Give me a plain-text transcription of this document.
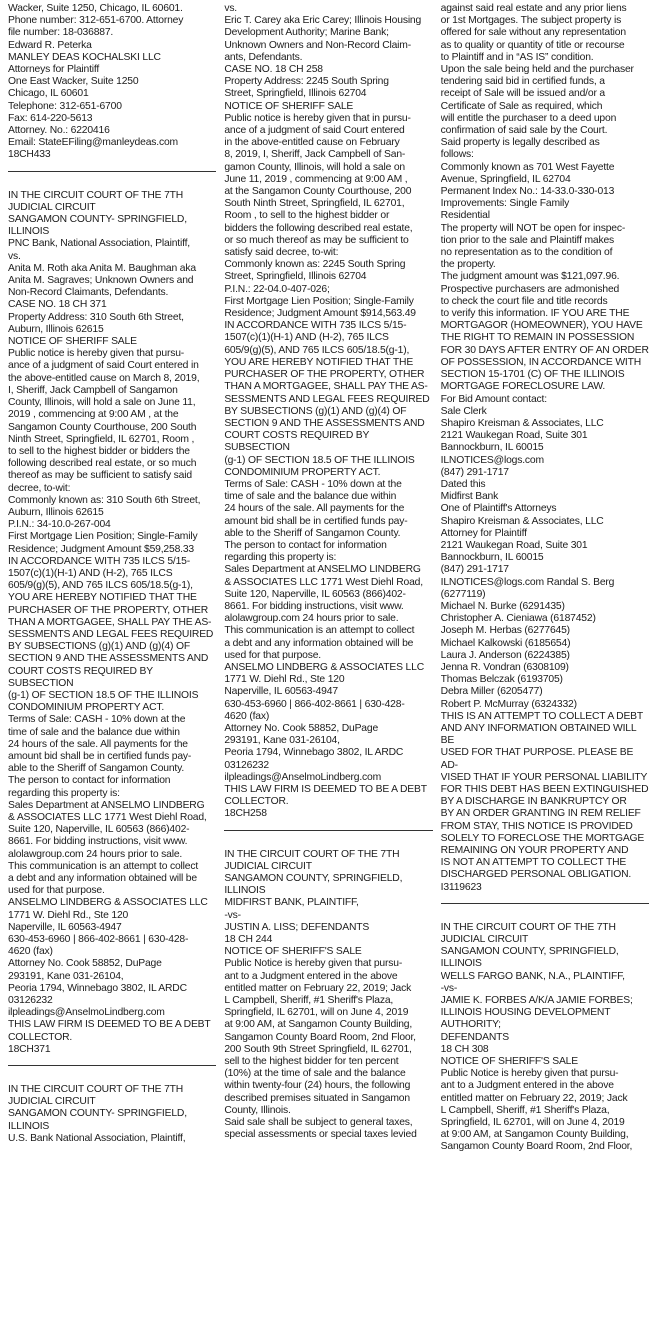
Wacker, Suite 1250, Chicago, IL 60601.
Phone number: 312-651-6700. Attorney
file number: 18-036887.
Edward R. Peterka
MANLEY DEAS KOCHALSKI LLC
Attorneys for Plaintiff
One East Wacker, Suite 1250
Chicago, IL 60601
Telephone: 312-651-6700
Fax: 614-220-5613
Attorney. No.: 6220416
Email: StateEFiling@manleydeas.com
18CH433

IN THE CIRCUIT COURT OF THE 7TH
JUDICIAL CIRCUIT
SANGAMON COUNTY- SPRINGFIELD,
ILLINOIS
PNC Bank, National Association, Plaintiff,
vs.
Anita M. Roth aka Anita M. Baughman aka
Anita M. Sagraves; Unknown Owners and
Non-Record Claimants, Defendants.
CASE NO. 18 CH 371
Property Address: 310 South 6th Street,
Auburn, Illinois 62615
NOTICE OF SHERIFF SALE
Public notice is hereby given that pursu-
ance of a judgment of said Court entered in
the above-entitled cause on March 8, 2019,
I, Sheriff, Jack Campbell of Sangamon
County, Illinois, will hold a sale on June 11,
2019 , commencing at 9:00 AM , at the
Sangamon County Courthouse, 200 South
Ninth Street, Springfield, IL 62701, Room ,
to sell to the highest bidder or bidders the
following described real estate, or so much
thereof as may be sufficient to satisfy said
decree, to-wit:
Commonly known as: 310 South 6th Street,
Auburn, Illinois 62615
P.I.N.: 34-10.0-267-004
First Mortgage Lien Position; Single-Family
Residence; Judgment Amount $59,258.33
IN ACCORDANCE WITH 735 ILCS 5/15-
1507(c)(1)(H-1) AND (H-2), 765 ILCS
605/9(g)(5), AND 765 ILCS 605/18.5(g-1),
YOU ARE HEREBY NOTIFIED THAT THE
PURCHASER OF THE PROPERTY, OTHER
THAN A MORTGAGEE, SHALL PAY THE AS-
SESSMENTS AND LEGAL FEES REQUIRED
BY SUBSECTIONS (g)(1) AND (g)(4) OF
SECTION 9 AND THE ASSESSMENTS AND
COURT COSTS REQUIRED BY SUBSECTION
(g-1) OF SECTION 18.5 OF THE ILLINOIS
CONDOMINIUM PROPERTY ACT.
Terms of Sale: CASH - 10% down at the
time of sale and the balance due within
24 hours of the sale. All payments for the
amount bid shall be in certified funds pay-
able to the Sheriff of Sangamon County.
The person to contact for information
regarding this property is:
Sales Department at ANSELMO LINDBERG
& ASSOCIATES LLC 1771 West Diehl Road,
Suite 120, Naperville, IL 60563 (866)402-
8661. For bidding instructions, visit www.
alolawgroup.com 24 hours prior to sale.
This communication is an attempt to collect
a debt and any information obtained will be
used for that purpose.
ANSELMO LINDBERG & ASSOCIATES LLC
1771 W. Diehl Rd., Ste 120
Naperville, IL 60563-4947
630-453-6960 | 866-402-8661 | 630-428-
4620 (fax)
Attorney No. Cook 58852, DuPage
293191, Kane 031-26104,
Peoria 1794, Winnebago 3802, IL ARDC
03126232
ilpleadings@AnselmoLindberg.com
THIS LAW FIRM IS DEEMED TO BE A DEBT
COLLECTOR.
18CH371

IN THE CIRCUIT COURT OF THE 7TH
JUDICIAL CIRCUIT
SANGAMON COUNTY- SPRINGFIELD,
ILLINOIS
U.S. Bank National Association, Plaintiff,

vs.
Eric T. Carey aka Eric Carey; Illinois Housing
Development Authority; Marine Bank;
Unknown Owners and Non-Record Claim-
ants, Defendants.
CASE NO. 18 CH 258
Property Address: 2245 South Spring
Street, Springfield, Illinois 62704
NOTICE OF SHERIFF SALE
Public notice is hereby given that in pursu-
ance of a judgment of said Court entered
in the above-entitled cause on February
8, 2019, I, Sheriff, Jack Campbell of San-
gamon County, Illinois, will hold a sale on
June 11, 2019 , commencing at 9:00 AM ,
at the Sangamon County Courthouse, 200
South Ninth Street, Springfield, IL 62701,
Room , to sell to the highest bidder or
bidders the following described real estate,
or so much thereof as may be sufficient to
satisfy said decree, to-wit:
Commonly known as: 2245 South Spring
Street, Springfield, Illinois 62704
P.I.N.: 22-04.0-407-026;
First Mortgage Lien Position; Single-Family
Residence; Judgment Amount $914,563.49
IN ACCORDANCE WITH 735 ILCS 5/15-
1507(c)(1)(H-1) AND (H-2), 765 ILCS
605/9(g)(5), AND 765 ILCS 605/18.5(g-1),
YOU ARE HEREBY NOTIFIED THAT THE
PURCHASER OF THE PROPERTY, OTHER
THAN A MORTGAGEE, SHALL PAY THE AS-
SESSMENTS AND LEGAL FEES REQUIRED
BY SUBSECTIONS (g)(1) AND (g)(4) OF
SECTION 9 AND THE ASSESSMENTS AND
COURT COSTS REQUIRED BY SUBSECTION
(g-1) OF SECTION 18.5 OF THE ILLINOIS
CONDOMINIUM PROPERTY ACT.
Terms of Sale: CASH - 10% down at the
time of sale and the balance due within
24 hours of the sale. All payments for the
amount bid shall be in certified funds pay-
able to the Sheriff of Sangamon County.
The person to contact for information
regarding this property is:
Sales Department at ANSELMO LINDBERG
& ASSOCIATES LLC 1771 West Diehl Road,
Suite 120, Naperville, IL 60563 (866)402-
8661. For bidding instructions, visit www.
alolawgroup.com 24 hours prior to sale.
This communication is an attempt to collect
a debt and any information obtained will be
used for that purpose.
ANSELMO LINDBERG & ASSOCIATES LLC
1771 W. Diehl Rd., Ste 120
Naperville, IL 60563-4947
630-453-6960 | 866-402-8661 | 630-428-
4620 (fax)
Attorney No. Cook 58852, DuPage
293191, Kane 031-26104,
Peoria 1794, Winnebago 3802, IL ARDC
03126232
ilpleadings@AnselmoLindberg.com
THIS LAW FIRM IS DEEMED TO BE A DEBT
COLLECTOR.
18CH258

IN THE CIRCUIT COURT OF THE 7TH
JUDICIAL CIRCUIT
SANGAMON COUNTY, SPRINGFIELD,
ILLINOIS
MIDFIRST BANK, PLAINTIFF,
-vs-
JUSTIN A. LISS; DEFENDANTS
18 CH 244
NOTICE OF SHERIFF'S SALE
Public Notice is hereby given that pursu-
ant to a Judgment entered in the above
entitled matter on February 22, 2019; Jack
L Campbell, Sheriff, #1 Sheriff's Plaza,
Springfield, IL 62701, will on June 4, 2019
at 9:00 AM, at Sangamon County Building,
Sangamon County Board Room, 2nd Floor,
200 South 9th Street Springfield, IL 62701,
sell to the highest bidder for ten percent
(10%) at the time of sale and the balance
within twenty-four (24) hours, the following
described premises situated in Sangamon
County, Illinois.
Said sale shall be subject to general taxes,
special assessments or special taxes levied

against said real estate and any prior liens
or 1st Mortgages. The subject property is
offered for sale without any representation
as to quality or quantity of title or recourse
to Plaintiff and in “AS IS” condition.
Upon the sale being held and the purchaser
tendering said bid in certified funds, a
receipt of Sale will be issued and/or a
Certificate of Sale as required, which
will entitle the purchaser to a deed upon
confirmation of said sale by the Court.
Said property is legally described as
follows:
Commonly known as 701 West Fayette
Avenue, Springfield, IL 62704
Permanent Index No.: 14-33.0-330-013
Improvements: Single Family
Residential
The property will NOT be open for inspec-
tion prior to the sale and Plaintiff makes
no representation as to the condition of
the property.
The judgment amount was $121,097.96.
Prospective purchasers are admonished
to check the court file and title records
to verify this information. IF YOU ARE THE
MORTGAGOR (HOMEOWNER), YOU HAVE
THE RIGHT TO REMAIN IN POSSESSION
FOR 30 DAYS AFTER ENTRY OF AN ORDER
OF POSSESSION, IN ACCORDANCE WITH
SECTION 15-1701 (C) OF THE ILLINOIS
MORTGAGE FORECLOSURE LAW.
For Bid Amount contact:
Sale Clerk
Shapiro Kreisman & Associates, LLC
2121 Waukegan Road, Suite 301
Bannockburn, IL 60015
ILNOTICES@logs.com
(847) 291-1717
Dated this
Midfirst Bank
One of Plaintiff's Attorneys
Shapiro Kreisman & Associates, LLC
Attorney for Plaintiff
2121 Waukegan Road, Suite 301
Bannockburn, IL 60015
(847) 291-1717
ILNOTICES@logs.com Randal S. Berg
(6277119)
Michael N. Burke (6291435)
Christopher A. Cieniawa (6187452)
Joseph M. Herbas (6277645)
Michael Kalkowski (6185654)
Laura J. Anderson (6224385)
Jenna R. Vondran (6308109)
Thomas Belczak (6193705)
Debra Miller (6205477)
Robert P. McMurray (6324332)
THIS IS AN ATTEMPT TO COLLECT A DEBT
AND ANY INFORMATION OBTAINED WILL BE
USED FOR THAT PURPOSE. PLEASE BE AD-
VISED THAT IF YOUR PERSONAL LIABILITY
FOR THIS DEBT HAS BEEN EXTINGUISHED
BY A DISCHARGE IN BANKRUPTCY OR
BY AN ORDER GRANTING IN REM RELIEF
FROM STAY, THIS NOTICE IS PROVIDED
SOLELY TO FORECLOSE THE MORTGAGE
REMAINING ON YOUR PROPERTY AND
IS NOT AN ATTEMPT TO COLLECT THE
DISCHARGED PERSONAL OBLIGATION.
I3119623

IN THE CIRCUIT COURT OF THE 7TH
JUDICIAL CIRCUIT
SANGAMON COUNTY, SPRINGFIELD,
ILLINOIS
WELLS FARGO BANK, N.A., PLAINTIFF,
-vs-
JAMIE K. FORBES A/K/A JAMIE FORBES;
ILLINOIS HOUSING DEVELOPMENT
AUTHORITY;
DEFENDANTS
18 CH 308
NOTICE OF SHERIFF'S SALE
Public Notice is hereby given that pursu-
ant to a Judgment entered in the above
entitled matter on February 22, 2019; Jack
L Campbell, Sheriff, #1 Sheriff's Plaza,
Springfield, IL 62701, will on June 4, 2019
at 9:00 AM, at Sangamon County Building,
Sangamon County Board Room, 2nd Floor,
